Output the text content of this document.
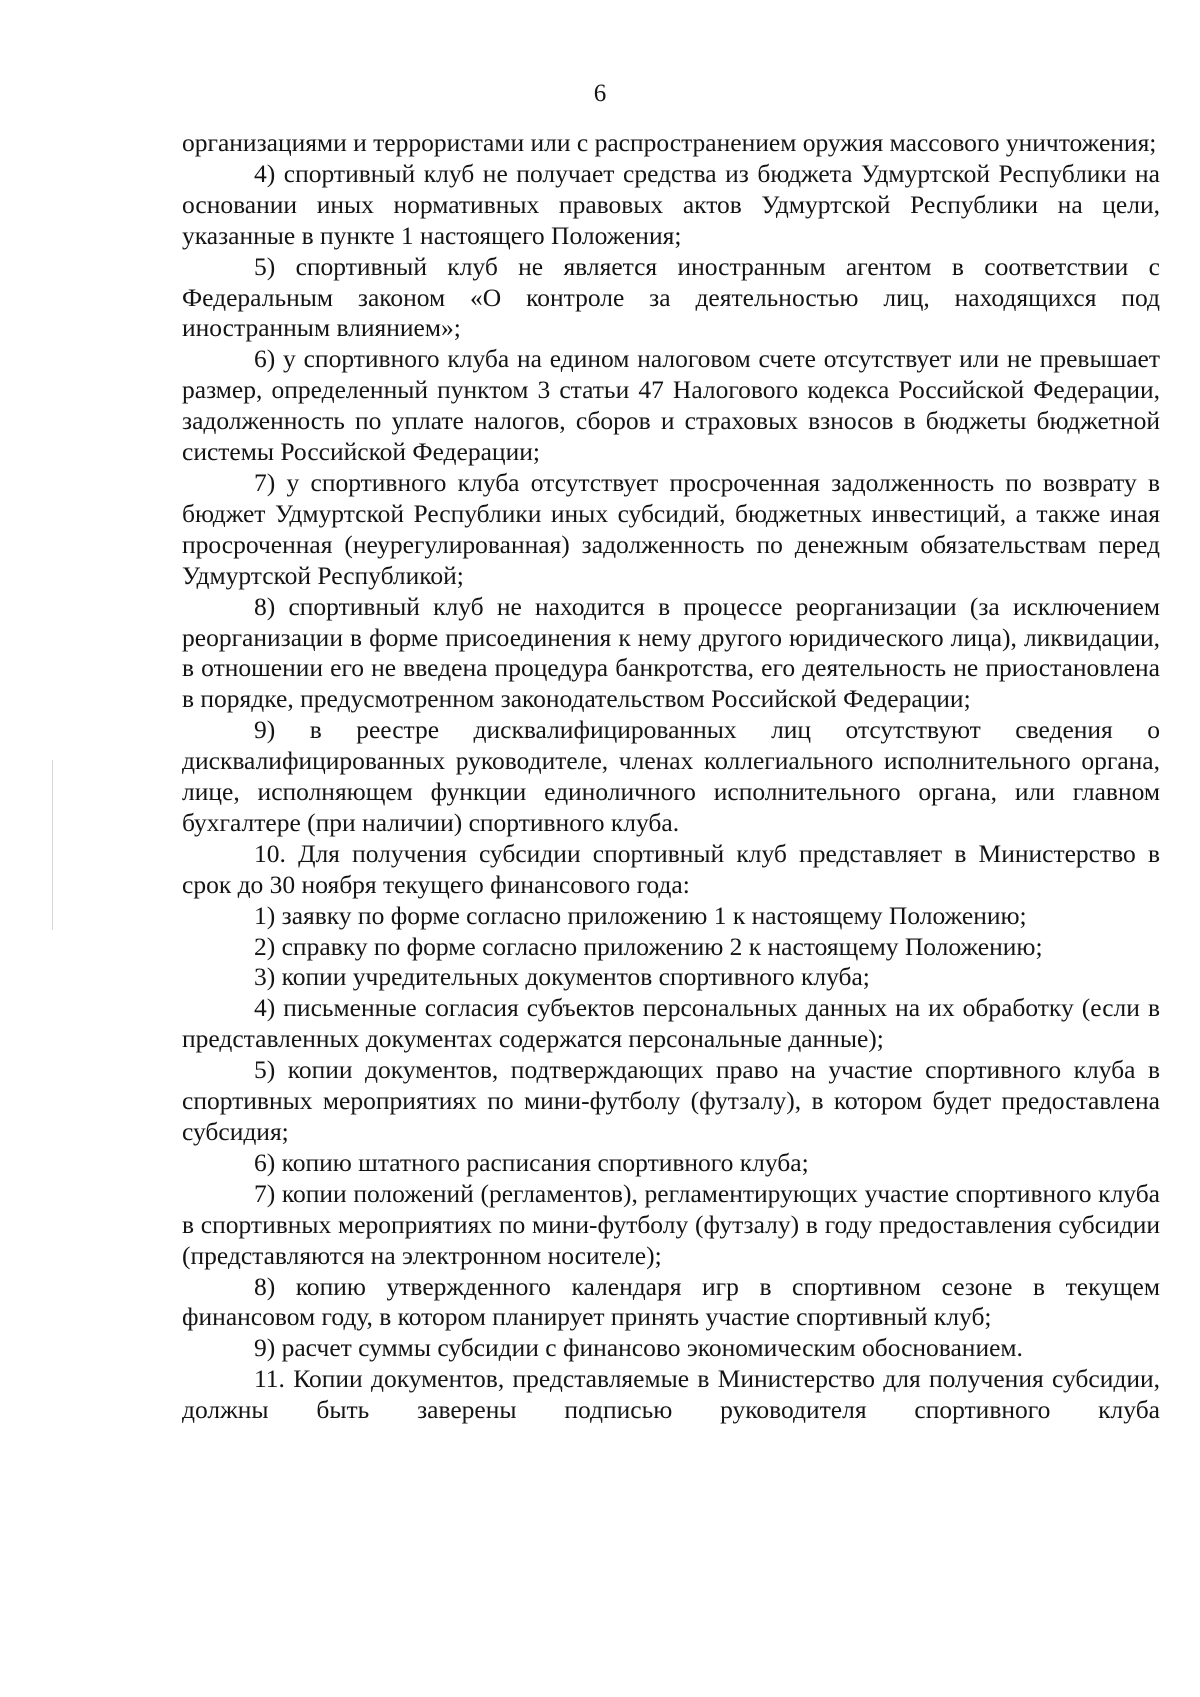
6

организациями и террористами или с распространением оружия массового уничтожения;

4) спортивный клуб не получает средства из бюджета Удмуртской Республики на основании иных нормативных правовых актов Удмуртской Республики на цели, указанные в пункте 1 настоящего Положения;

5) спортивный клуб не является иностранным агентом в соответствии с Федеральным законом «О контроле за деятельностью лиц, находящихся под иностранным влиянием»;

6) у спортивного клуба на едином налоговом счете отсутствует или не превышает размер, определенный пунктом 3 статьи 47 Налогового кодекса Российской Федерации, задолженность по уплате налогов, сборов и страховых взносов в бюджеты бюджетной системы Российской Федерации;

7) у спортивного клуба отсутствует просроченная задолженность по возврату в бюджет Удмуртской Республики иных субсидий, бюджетных инвестиций, а также иная просроченная (неурегулированная) задолженность по денежным обязательствам перед Удмуртской Республикой;

8) спортивный клуб не находится в процессе реорганизации (за исключением реорганизации в форме присоединения к нему другого юридического лица), ликвидации, в отношении его не введена процедура банкротства, его деятельность не приостановлена в порядке, предусмотренном законодательством Российской Федерации;

9) в реестре дисквалифицированных лиц отсутствуют сведения о дисквалифицированных руководителе, членах коллегиального исполнительного органа, лице, исполняющем функции единоличного исполнительного органа, или главном бухгалтере (при наличии) спортивного клуба.

10. Для получения субсидии спортивный клуб представляет в Министерство в срок до 30 ноября текущего финансового года:

1) заявку по форме согласно приложению 1 к настоящему Положению;

2) справку по форме согласно приложению 2 к настоящему Положению;

3) копии учредительных документов спортивного клуба;

4) письменные согласия субъектов персональных данных на их обработку (если в представленных документах содержатся персональные данные);

5) копии документов, подтверждающих право на участие спортивного клуба в спортивных мероприятиях по мини-футболу (футзалу), в котором будет предоставлена субсидия;

6) копию штатного расписания спортивного клуба;

7) копии положений (регламентов), регламентирующих участие спортивного клуба в спортивных мероприятиях по мини-футболу (футзалу) в году предоставления субсидии (представляются на электронном носителе);

8) копию утвержденного календаря игр в спортивном сезоне в текущем финансовом году, в котором планирует принять участие спортивный клуб;

9) расчет суммы субсидии с финансово экономическим обоснованием.

11. Копии документов, представляемые в Министерство для получения субсидии, должны быть заверены подписью руководителя спортивного клуба
